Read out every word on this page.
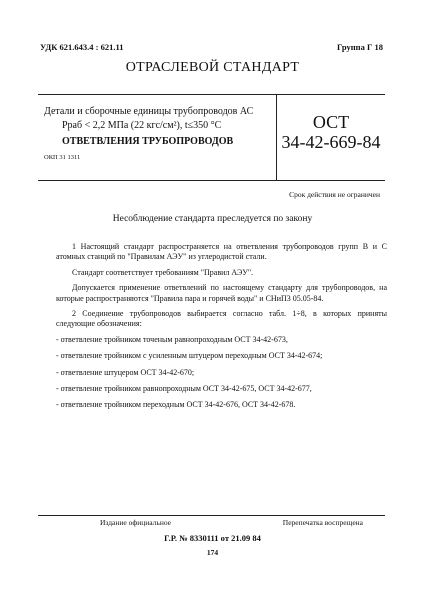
УДК 621.643.4 : 621.11	Группа Г 18
ОТРАСЛЕВОЙ СТАНДАРТ
Детали и сборочные единицы трубопроводов АС
Рраб < 2,2 МПа (22 кгс/см²), t≤350 °С
ОТВЕТВЛЕНИЯ ТРУБОПРОВОДОВ
ОКП 31 1311
ОСТ
34-42-669-84
Срок действия не ограничен
Несоблюдение стандарта преследуется по закону

1 Настоящий стандарт распространяется на ответвления трубопроводов групп В и С атомных станций по "Правилам АЭУ" из углеродистой стали.

Стандарт соответствует требованиям "Правил АЭУ".

Допускается применение ответвлений по настоящему стандарту для трубопроводов, на которые распространяются "Правила пара и горячей воды" и СНиП3 05.05-84.

2 Соединение трубопроводов выбирается согласно табл. 1÷8, в которых приняты следующие обозначения:

- ответвление тройником точеным равнопроходным ОСТ 34-42-673,

- ответвление тройником с усиленным штуцером переходным ОСТ 34-42-674;

- ответвление штуцером ОСТ 34-42-670;

- ответвление тройником равнопроходным ОСТ 34-42-675, ОСТ 34-42-677,

- ответвление тройником переходным ОСТ 34-42-676, ОСТ 34-42-678.

Издание официальное	Перепечатка воспрещена
Г.Р. № 8330111 от 21.09 84
174
